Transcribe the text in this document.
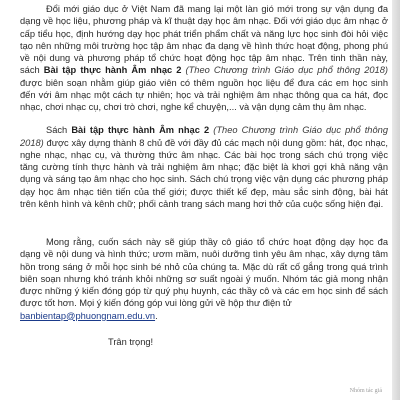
Đổi mới giáo dục ở Việt Nam đã mang lại một làn gió mới trong sự vận dụng đa dạng về học liệu, phương pháp và kĩ thuật dạy học âm nhạc. Đối với giáo dục âm nhạc ở cấp tiểu học, định hướng dạy học phát triển phẩm chất và năng lực học sinh đòi hỏi việc tạo nên những môi trường học tập âm nhạc đa dạng về hình thức hoạt động, phong phú về nội dung và phương pháp tổ chức hoạt động học tập âm nhạc. Trên tinh thần này, sách Bài tập thực hành Âm nhạc 2 (Theo Chương trình Giáo dục phổ thông 2018) được biên soạn nhằm giúp giáo viên có thêm nguồn học liệu để đưa các em học sinh đến với âm nhạc một cách tự nhiên; học và trải nghiệm âm nhạc thông qua ca hát, đọc nhạc, chơi nhạc cụ, chơi trò chơi, nghe kể chuyện,... và vận dụng cảm thụ âm nhạc.

Sách Bài tập thực hành Âm nhạc 2 (Theo Chương trình Giáo dục phổ thông 2018) được xây dựng thành 8 chủ đề với đầy đủ các mạch nội dung gồm: hát, đọc nhạc, nghe nhạc, nhạc cụ, và thường thức âm nhạc. Các bài học trong sách chú trọng việc tăng cường tính thực hành và trải nghiệm âm nhạc; đặc biệt là khơi gợi khả năng vận dụng và sáng tạo âm nhạc cho học sinh. Sách chú trọng việc vận dụng các phương pháp dạy học âm nhạc tiên tiến của thế giới; được thiết kế đẹp, màu sắc sinh động, bài hát trên kênh hình và kênh chữ; phối cảnh trang sách mang hơi thở của cuộc sống hiện đại.

Mong rằng, cuốn sách này sẽ giúp thầy cô giáo tổ chức hoạt động dạy học đa dạng về nội dung và hình thức; ươm mầm, nuôi dưỡng tình yêu âm nhạc, xây dựng tâm hồn trong sáng ở mỗi học sinh bé nhỏ của chúng ta. Mặc dù rất cố gắng trong quá trình biên soạn nhưng khó tránh khỏi những sơ suất ngoài ý muốn. Nhóm tác giả mong nhận được những ý kiến đóng góp từ quý phụ huynh, các thầy cô và các em học sinh để sách được tốt hơn. Mọi ý kiến đóng góp vui lòng gửi về hộp thư điện tử

banbientap@phuongnam.edu.vn.

Trân trọng!

Nhóm tác giả
